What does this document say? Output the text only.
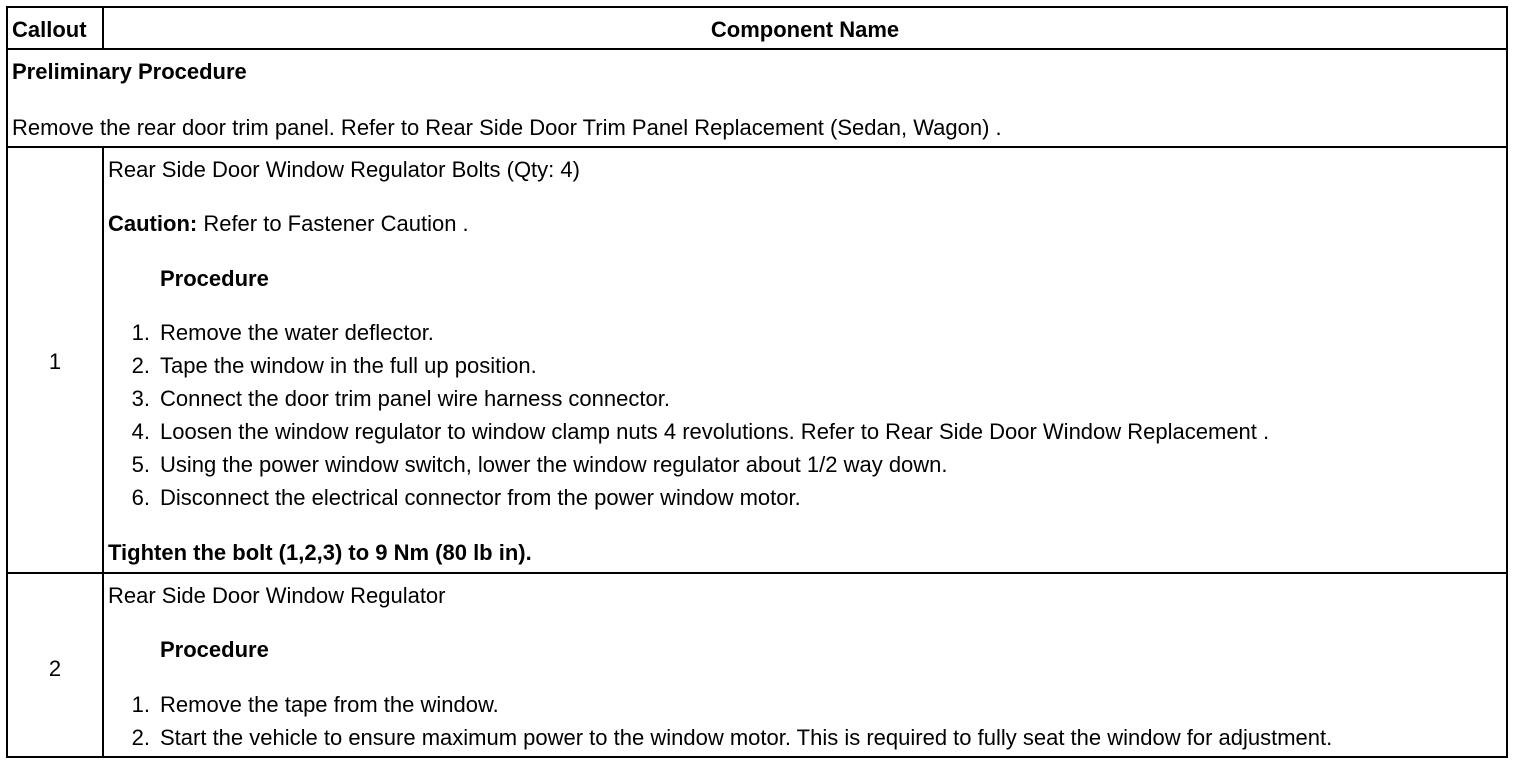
Callout	Component Name
Preliminary Procedure
Remove the rear door trim panel. Refer to Rear Side Door Trim Panel Replacement (Sedan, Wagon) .
1
Rear Side Door Window Regulator Bolts (Qty: 4)
Caution: Refer to Fastener Caution .
Procedure
1. Remove the water deflector.
2. Tape the window in the full up position.
3. Connect the door trim panel wire harness connector.
4. Loosen the window regulator to window clamp nuts 4 revolutions. Refer to Rear Side Door Window Replacement .
5. Using the power window switch, lower the window regulator about 1/2 way down.
6. Disconnect the electrical connector from the power window motor.
Tighten the bolt (1,2,3) to 9 Nm (80 lb in).
2
Rear Side Door Window Regulator
Procedure
1. Remove the tape from the window.
2. Start the vehicle to ensure maximum power to the window motor. This is required to fully seat the window for adjustment.
